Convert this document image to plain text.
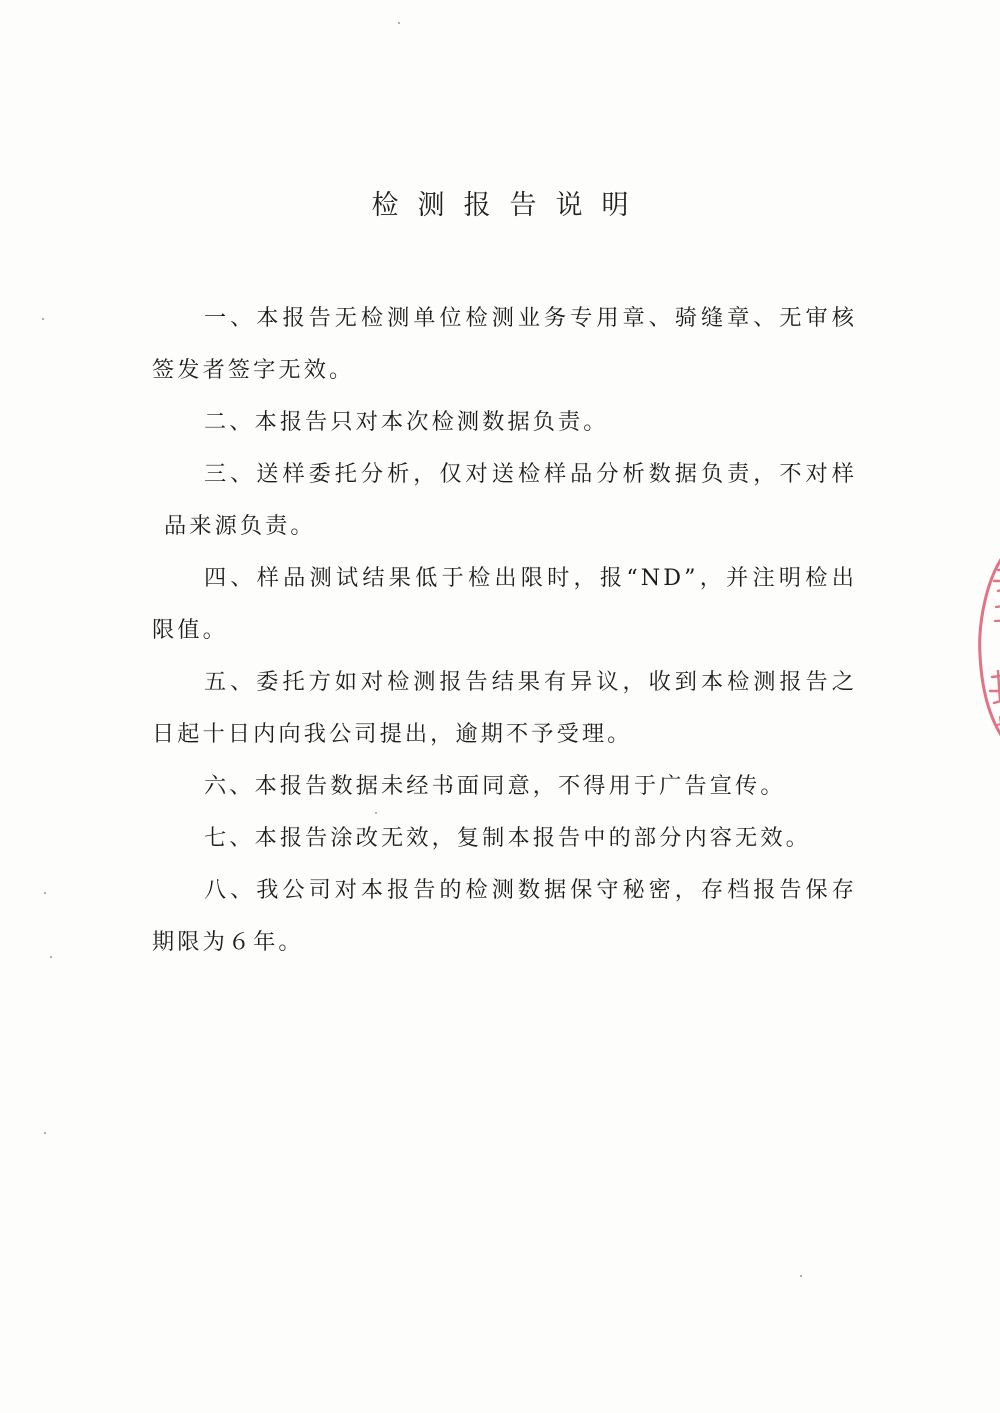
检测报告说明

一、本报告无检测单位检测业务专用章、骑缝章、无审核签发者签字无效。

二、本报告只对本次检测数据负责。

三、送样委托分析，仅对送检样品分析数据负责，不对样品来源负责。

四、样品测试结果低于检出限时，报“ND”，并注明检出限值。

五、委托方如对检测报告结果有异议，收到本检测报告之日起十日内向我公司提出，逾期不予受理。

六、本报告数据未经书面同意，不得用于广告宣传。

七、本报告涂改无效，复制本报告中的部分内容无效。

八、我公司对本报告的检测数据保守秘密，存档报告保存期限为６年。
